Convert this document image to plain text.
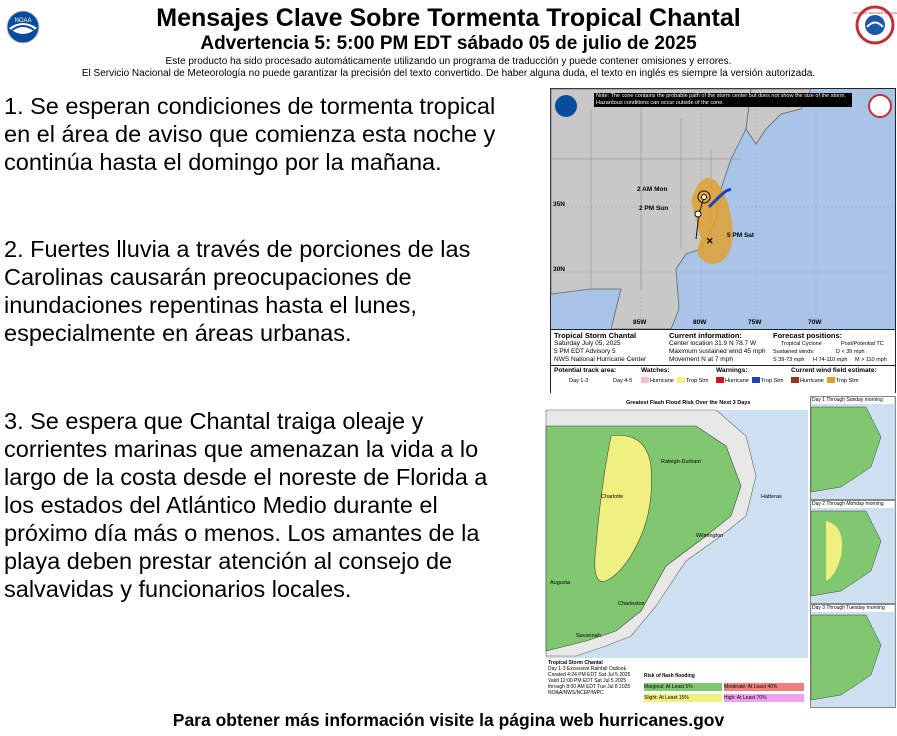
NOAA
NATIONAL WEATHER SERVICE
Mensajes Clave Sobre Tormenta Tropical Chantal
Advertencia 5: 5:00 PM EDT sábado 05 de julio de 2025
Este producto ha sido procesado automáticamente utilizando un programa de traducción y puede contener omisiones y errores.
El Servicio Nacional de Meteorología no puede garantizar la precisión del texto convertido. De haber alguna duda, el texto en inglés es siempre la versión autorizada.

1. Se esperan condiciones de tormenta tropical en el área de aviso que comienza esta noche y continúa hasta el domingo por la mañana.

2. Fuertes lluvia a través de porciones de las Carolinas causarán preocupaciones de inundaciones repentinas hasta el lunes, especialmente en áreas urbanas.

3. Se espera que Chantal traiga oleaje y corrientes marinas que amenazan la vida a lo largo de la costa desde el noreste de Florida a los estados del Atlántico Medio durante el próximo día más o menos. Los amantes de la playa deben prestar atención al consejo de salvavidas y funcionarios locales.

✕
Note: The cone contains the probable path of the storm center but does not show the size of the storm. Hazardous conditions can occur outside of the cone.
35N
30N
85W	80W	75W	70W
2 AM Mon
2 PM Sun
5 PM Sat
Tropical Storm Chantal
Saturday July 05, 2025
5 PM EDT Advisory 5
NWS National Hurricane Center
Current information:
Center location 31.9 N 78.7 W
Maximum sustained wind 45 mph
Movement N at 7 mph
Forecast positions:
Tropical Cyclone	Post/Potential TC
Sustained winds:	D < 39 mph
S 39-73 mph H 74-110 mph M > 110 mph
Potential track area:
Day 1-3	Day 4-5
Watches:
Hurricane Trop Stm
Warnings:
Hurricane Trop Stm
Current wind field estimate:
Hurricane Trop Stm
Greatest Flash Flood Risk Over the Next 3 Days
Raleigh-Durham
Charlotte	Hatteras
Wilmington
Augusta
Charleston
Savannah
Tropical Storm Chantal
Day 1-3 Excessive Rainfall Outlook
Created 4:24 PM EDT Sat Jul 5 2025
Valid 12:00 PM EDT Sat Jul 5 2025
through 8:00 AM EDT Tue Jul 8 2025
NOAA/NWS/NCEP/WPC
Risk of flash flooding
Marginal: At Least 5%	Moderate: At Least 40%
Slight: At Least 15%	High: At Least 70%
Day 1 Through Sunday morning
Day 2 Through Monday morning
Day 3 Through Tuesday morning
Para obtener más información visite la página web hurricanes.gov
